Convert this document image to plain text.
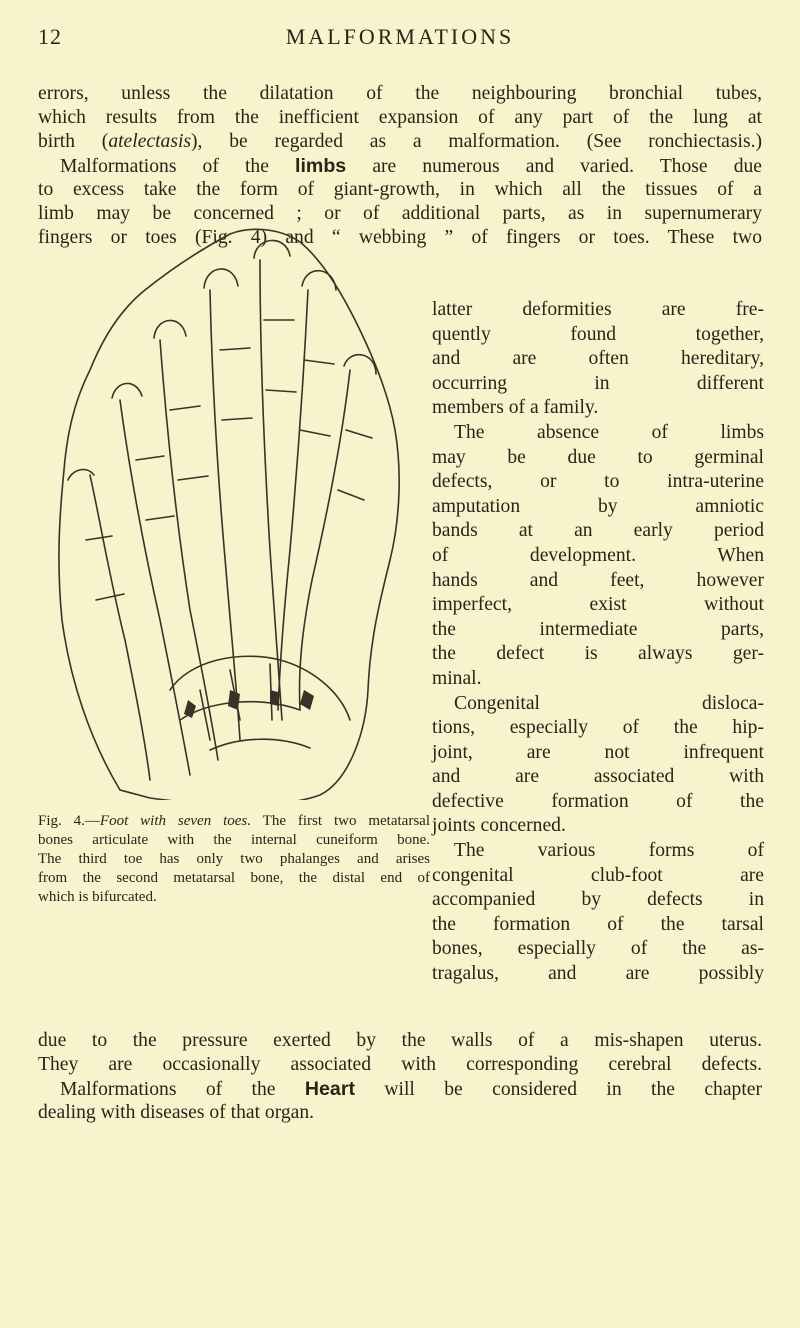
12	MALFORMATIONS
errors, unless the dilatation of the neighbouring bronchial tubes,
which results from the inefficient expansion of any part of the lung at
birth (atelectasis), be regarded as a malformation. (See ronchiectasis.)
Malformations of the limbs are numerous and varied. Those due
to excess take the form of giant-growth, in which all the tissues of a
limb may be concerned ; or of additional parts, as in supernumerary
fingers or toes (Fig. 4) and “ webbing ” of fingers or toes. These two
latter deformities are fre-
quently found together,
and are often hereditary,
occurring in different
members of a family.
The absence of limbs
may be due to germinal
defects, or to intra-uterine
amputation by amniotic
bands at an early period
of development. When
hands and feet, however
imperfect, exist without
the intermediate parts,
the defect is always ger-
minal.
Congenital disloca-
tions, especially of the hip-
joint, are not infrequent
and are associated with
defective formation of the
joints concerned.
The various forms of
congenital club-foot are
accompanied by defects in
the formation of the tarsal
bones, especially of the as-
tragalus, and are possibly
Fig. 4.—Foot with seven toes. The first two metatarsal
bones articulate with the internal cuneiform bone.
The third toe has only two phalanges and arises
from the second metatarsal bone, the distal end of
which is bifurcated.
due to the pressure exerted by the walls of a mis-shapen uterus.
They are occasionally associated with corresponding cerebral defects.
Malformations of the Heart will be considered in the chapter
dealing with diseases of that organ.
